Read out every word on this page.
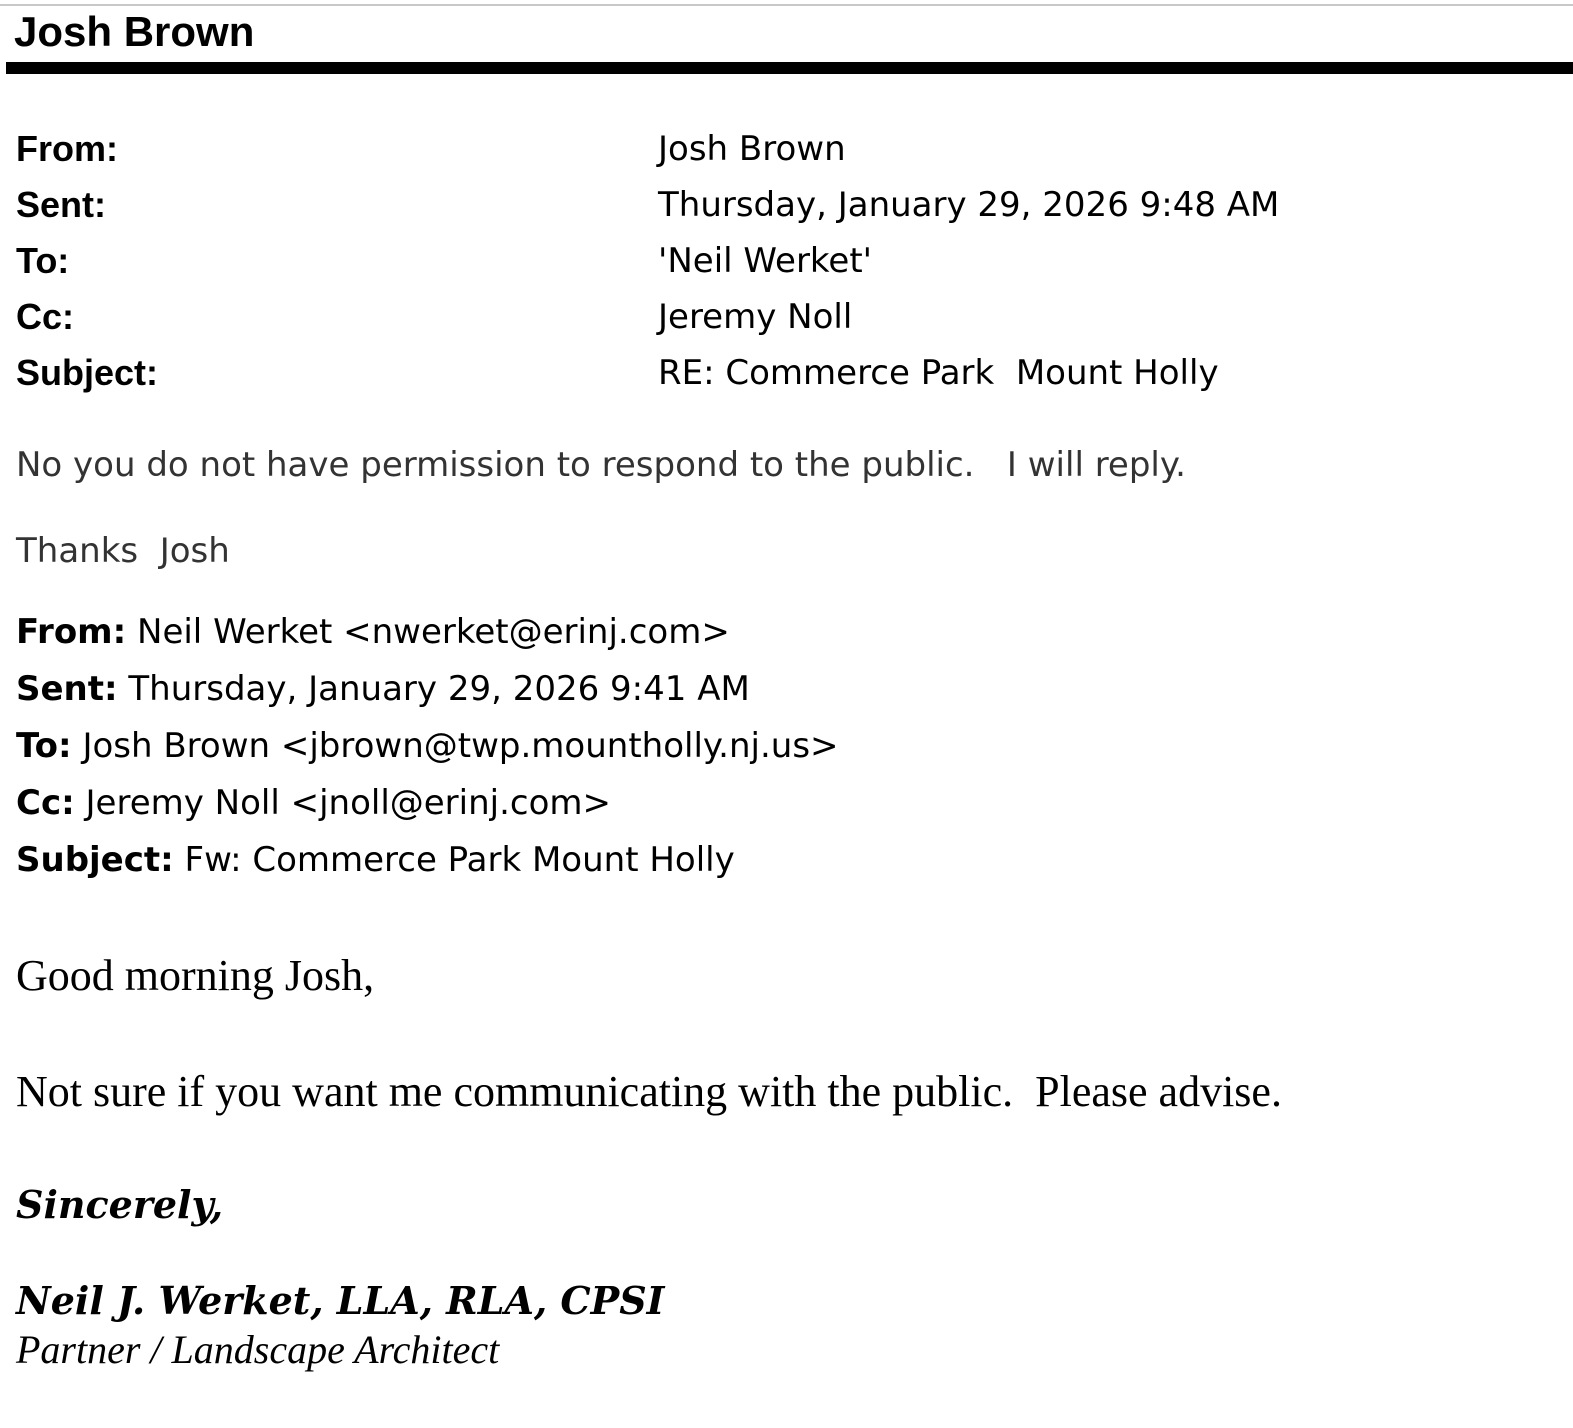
Josh Brown
From:	Josh Brown
Sent:	Thursday, January 29, 2026 9:48 AM
To:	'Neil Werket'
Cc:	Jeremy Noll
Subject:	RE: Commerce Park  Mount Holly
No you do not have permission to respond to the public.   I will reply.
Thanks  Josh
From: Neil Werket <nwerket@erinj.com>
Sent: Thursday, January 29, 2026 9:41 AM
To: Josh Brown <jbrown@twp.mountholly.nj.us>
Cc: Jeremy Noll <jnoll@erinj.com>
Subject: Fw: Commerce Park Mount Holly
Good morning Josh,
Not sure if you want me communicating with the public.  Please advise.
Sincerely,
Neil J. Werket, LLA, RLA, CPSI
Partner / Landscape Architect
